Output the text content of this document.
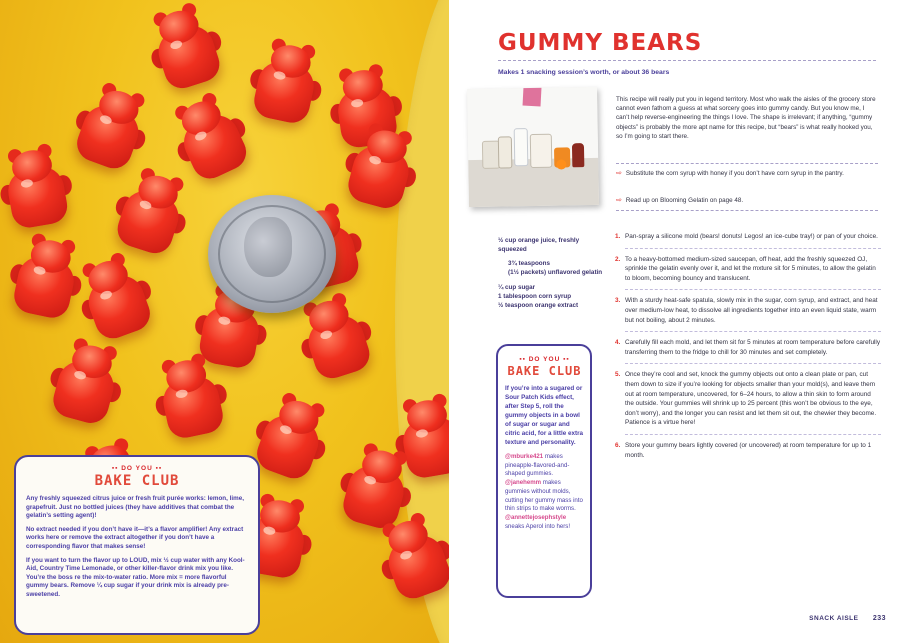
▪▪ DO YOU ▪▪
BAKE CLUB

Any freshly squeezed citrus juice or fresh fruit purée works: lemon, lime, grapefruit. Just no bottled juices (they have additives that combat the gelatin’s setting agent)!

No extract needed if you don’t have it—it’s a flavor amplifier! Any extract works here or remove the extract altogether if you don’t have a corresponding flavor that makes sense!

If you want to turn the flavor up to LOUD, mix ½ cup water with any Kool-Aid, Country Time Lemonade, or other killer-flavor drink mix you like. You’re the boss re the mix-to-water ratio. More mix = more flavorful gummy bears. Remove ¼ cup sugar if your drink mix is already pre-sweetened.

GUMMY BEARS
Makes 1 snacking session’s worth, or about 36 bears
This recipe will really put you in legend territory. Most who walk the aisles of the grocery store cannot even fathom a guess at what sorcery goes into gummy candy. But you know me, I can’t help reverse-engineering the things I love. The shape is irrelevant; if anything, “gummy objects” is probably the more apt name for this recipe, but “bears” is what really hooked you, so I’m going to start there.
⇨ Substitute the corn syrup with honey if you don’t have corn syrup in the pantry.
⇨ Read up on Blooming Gelatin on page 48.
½ cup orange juice, freshly squeezed
3¾ teaspoons
(1½ packets) unflavored gelatin
¼ cup sugar
1 tablespoon corn syrup
½ teaspoon orange extract
1. Pan-spray a silicone mold (bears! donuts! Legos! an ice-cube tray!) or pan of your choice.
2. To a heavy-bottomed medium-sized saucepan, off heat, add the freshly squeezed OJ, sprinkle the gelatin evenly over it, and let the mxture sit for 5 minutes, to allow the gelatin to bloom, becoming bouncy and translucent.
3. With a sturdy heat-safe spatula, slowly mix in the sugar, corn syrup, and extract, and heat over medium-low heat, to dissolve all ingredients together into an even liquid state, warm but not boiling, about 2 minutes.
4. Carefully fill each mold, and let them sit for 5 minutes at room temperature before carefully transferring them to the fridge to chill for 30 minutes and set completely.
5. Once they’re cool and set, knock the gummy objects out onto a clean plate or pan, cut them down to size if you’re looking for objects smaller than your mold(s), and leave them out at room temperature, uncovered, for 6–24 hours, to allow a thin skin to form around the outside. Your gummies will shrink up to 25 percent (this won’t be obvious to the eye, don’t worry), and the longer you can resist and let them sit out, the chewier they become. Patience is a virtue here!
6. Store your gummy bears lightly covered (or uncovered) at room temperature for up to 1 month.
▪▪ DO YOU ▪▪
BAKE CLUB

If you’re into a sugared or Sour Patch Kids effect, after Step 5, roll the gummy objects in a bowl of sugar or sugar and citric acid, for a little extra texture and personality.

@mburke421 makes pineapple-flavored-and-shaped gummies.

@janehemm makes gummies without molds, cutting her gummy mass into thin strips to make worms.

@annettejosephstyle sneaks Aperol into hers!

SNACK AISLE 233
